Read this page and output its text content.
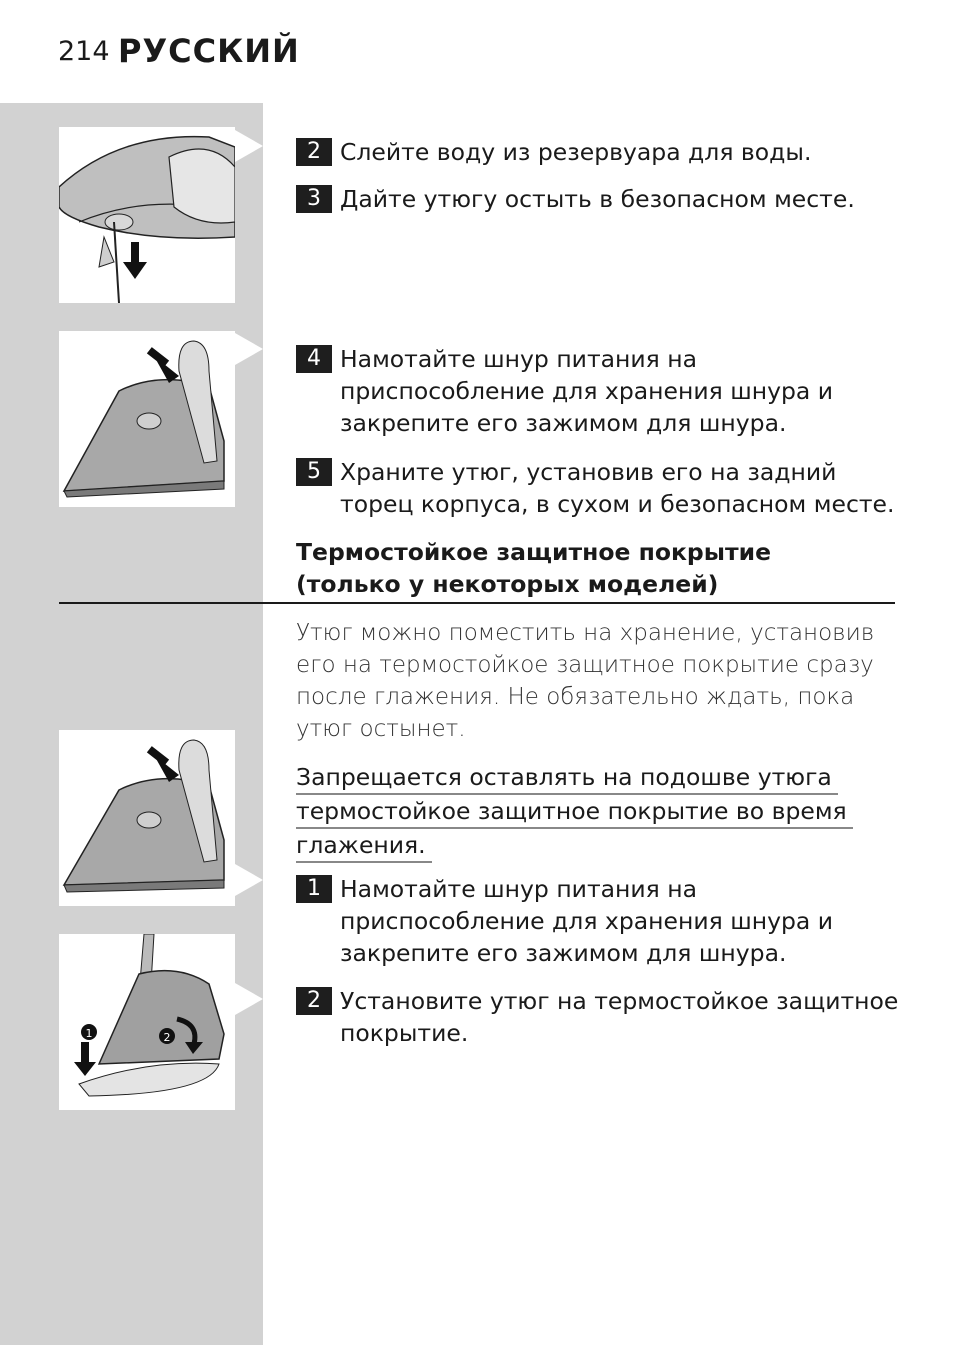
214 РУССКИЙ
1	2
2 Слейте воду из резервуара для воды.
3 Дайте утюгу остыть в безопасном месте.
4 Намотайте шнур питания на приспособление для хранения шнура и закрепите его зажимом для шнура.
5 Храните утюг, установив его на задний торец корпуса, в сухом и безопасном месте.
Термостойкое защитное покрытие
(только у некоторых моделей)
Утюг можно поместить на хранение, установив его на термостойкое защитное покрытие сразу после глажения. Не обязательно ждать, пока утюг остынет.
Запрещается оставлять на подошве утюга
термостойкое защитное покрытие во время
глажения.
1 Намотайте шнур питания на приспособление для хранения шнура и закрепите его зажимом для шнура.
2 Установите утюг на термостойкое защитное покрытие.
